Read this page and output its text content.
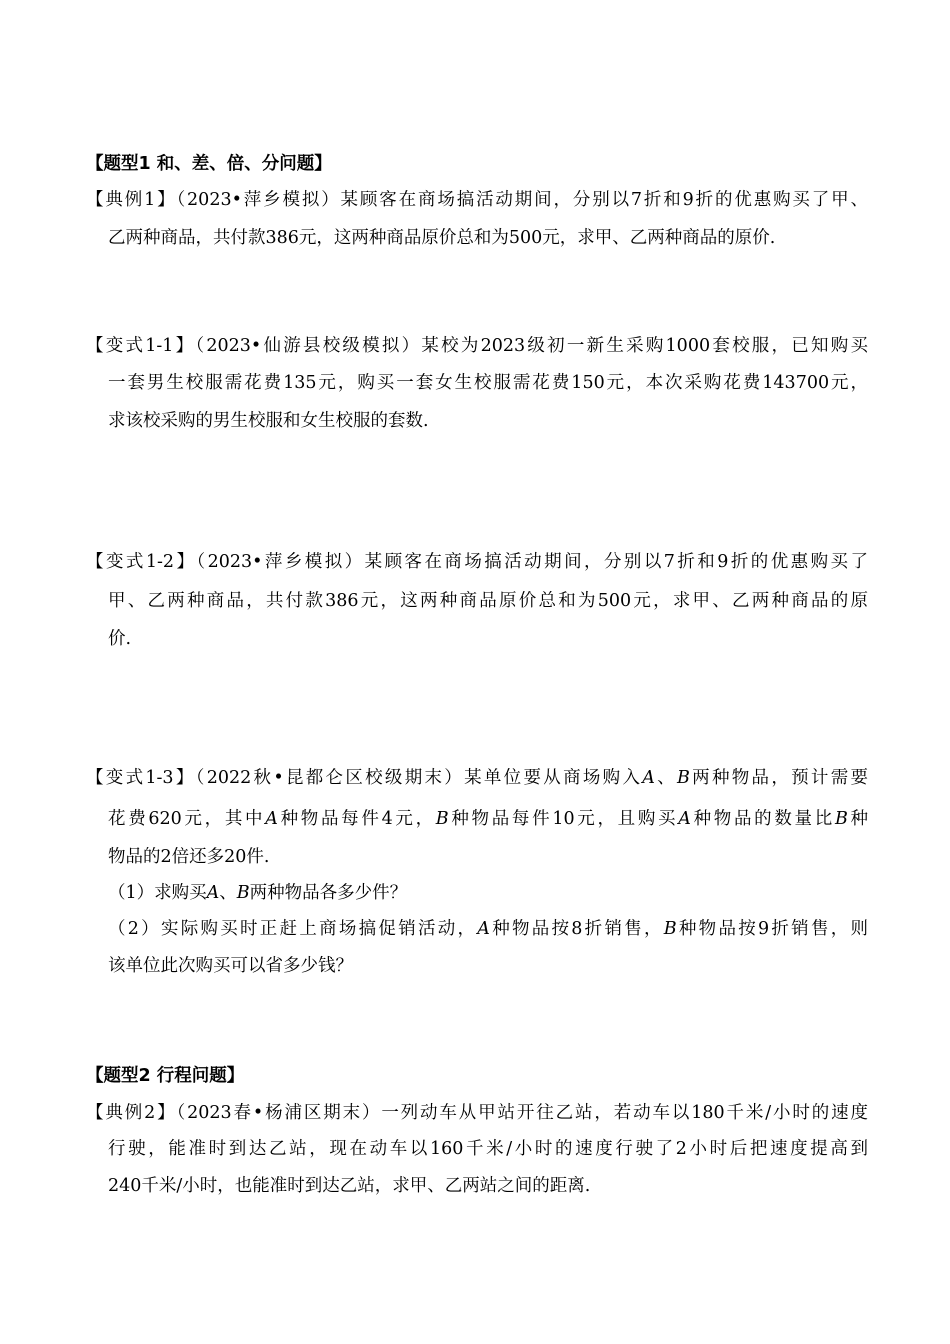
【题型1 和、差、倍、分问题】
【典例1】（2023•萍乡模拟）某顾客在商场搞活动期间，分别以7折和9折的优惠购买了甲、
乙两种商品，共付款386元，这两种商品原价总和为500元，求甲、乙两种商品的原价.
【变式1-1】（2023•仙游县校级模拟）某校为2023级初一新生采购1000套校服，已知购买
一套男生校服需花费135元，购买一套女生校服需花费150元，本次采购花费143700元，
求该校采购的男生校服和女生校服的套数.
【变式1-2】（2023•萍乡模拟）某顾客在商场搞活动期间，分别以7折和9折的优惠购买了
甲、乙两种商品，共付款386元，这两种商品原价总和为500元，求甲、乙两种商品的原
价.
【变式1-3】（2022秋•昆都仑区校级期末）某单位要从商场购入A、B两种物品，预计需要
花费620元，其中A种物品每件4元，B种物品每件10元，且购买A种物品的数量比B种
物品的2倍还多20件.
（1）求购买A、B两种物品各多少件？
（2）实际购买时正赶上商场搞促销活动，A种物品按8折销售，B种物品按9折销售，则
该单位此次购买可以省多少钱？
【题型2 行程问题】
【典例2】（2023春•杨浦区期末）一列动车从甲站开往乙站，若动车以180千米/小时的速度
行驶，能准时到达乙站，现在动车以160千米/小时的速度行驶了2小时后把速度提高到
240千米/小时，也能准时到达乙站，求甲、乙两站之间的距离.
